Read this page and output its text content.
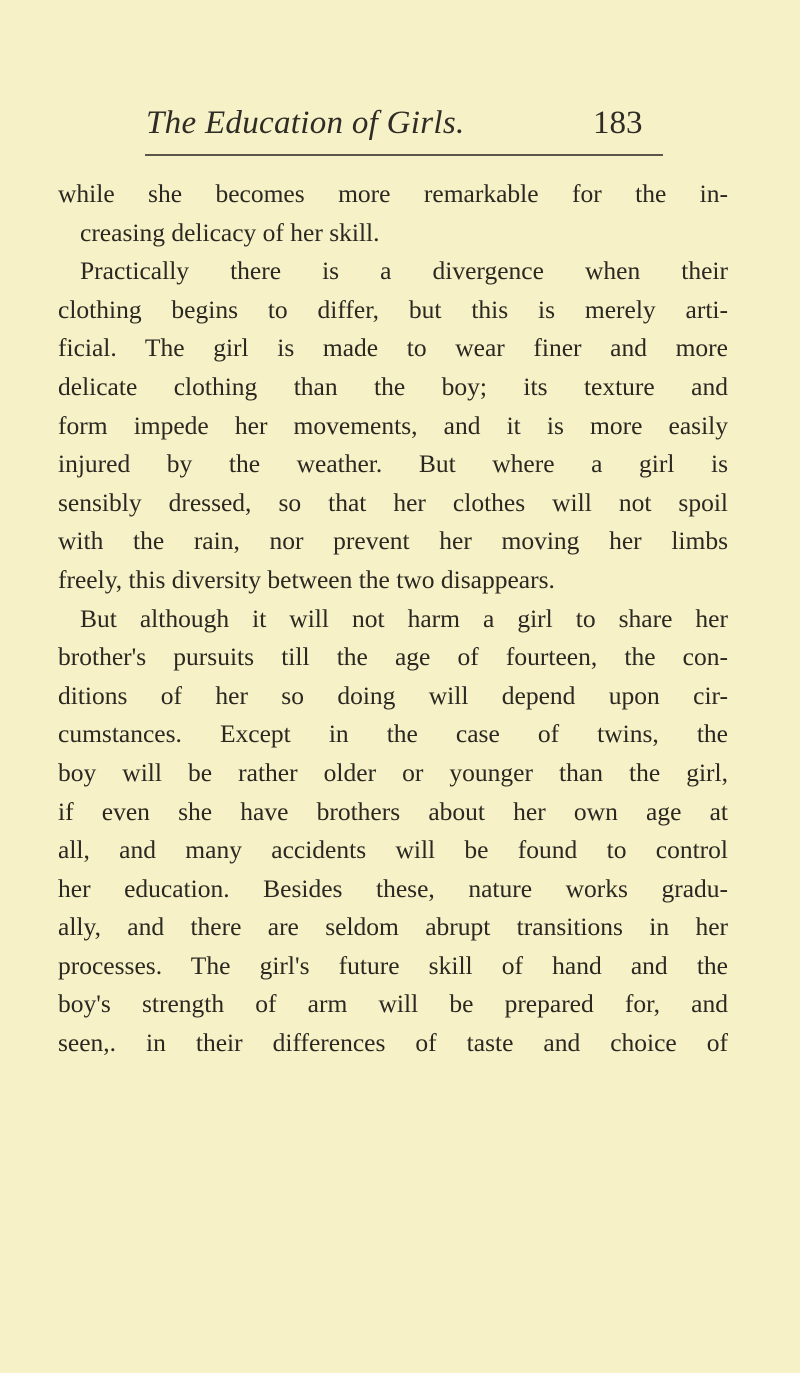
The Education of Girls.	183

while she becomes more remarkable for the in-
creasing delicacy of her skill.

Practically there is a divergence when their
clothing begins to differ, but this is merely arti-
ficial. The girl is made to wear finer and more
delicate clothing than the boy; its texture and
form impede her movements, and it is more easily
injured by the weather. But where a girl is
sensibly dressed, so that her clothes will not spoil
with the rain, nor prevent her moving her limbs
freely, this diversity between the two disappears.

But although it will not harm a girl to share her
brother's pursuits till the age of fourteen, the con-
ditions of her so doing will depend upon cir-
cumstances. Except in the case of twins, the
boy will be rather older or younger than the girl,
if even she have brothers about her own age at
all, and many accidents will be found to control
her education. Besides these, nature works gradu-
ally, and there are seldom abrupt transitions in her
processes. The girl's future skill of hand and the
boy's strength of arm will be prepared for, and
seen,. in their differences of taste and choice of
